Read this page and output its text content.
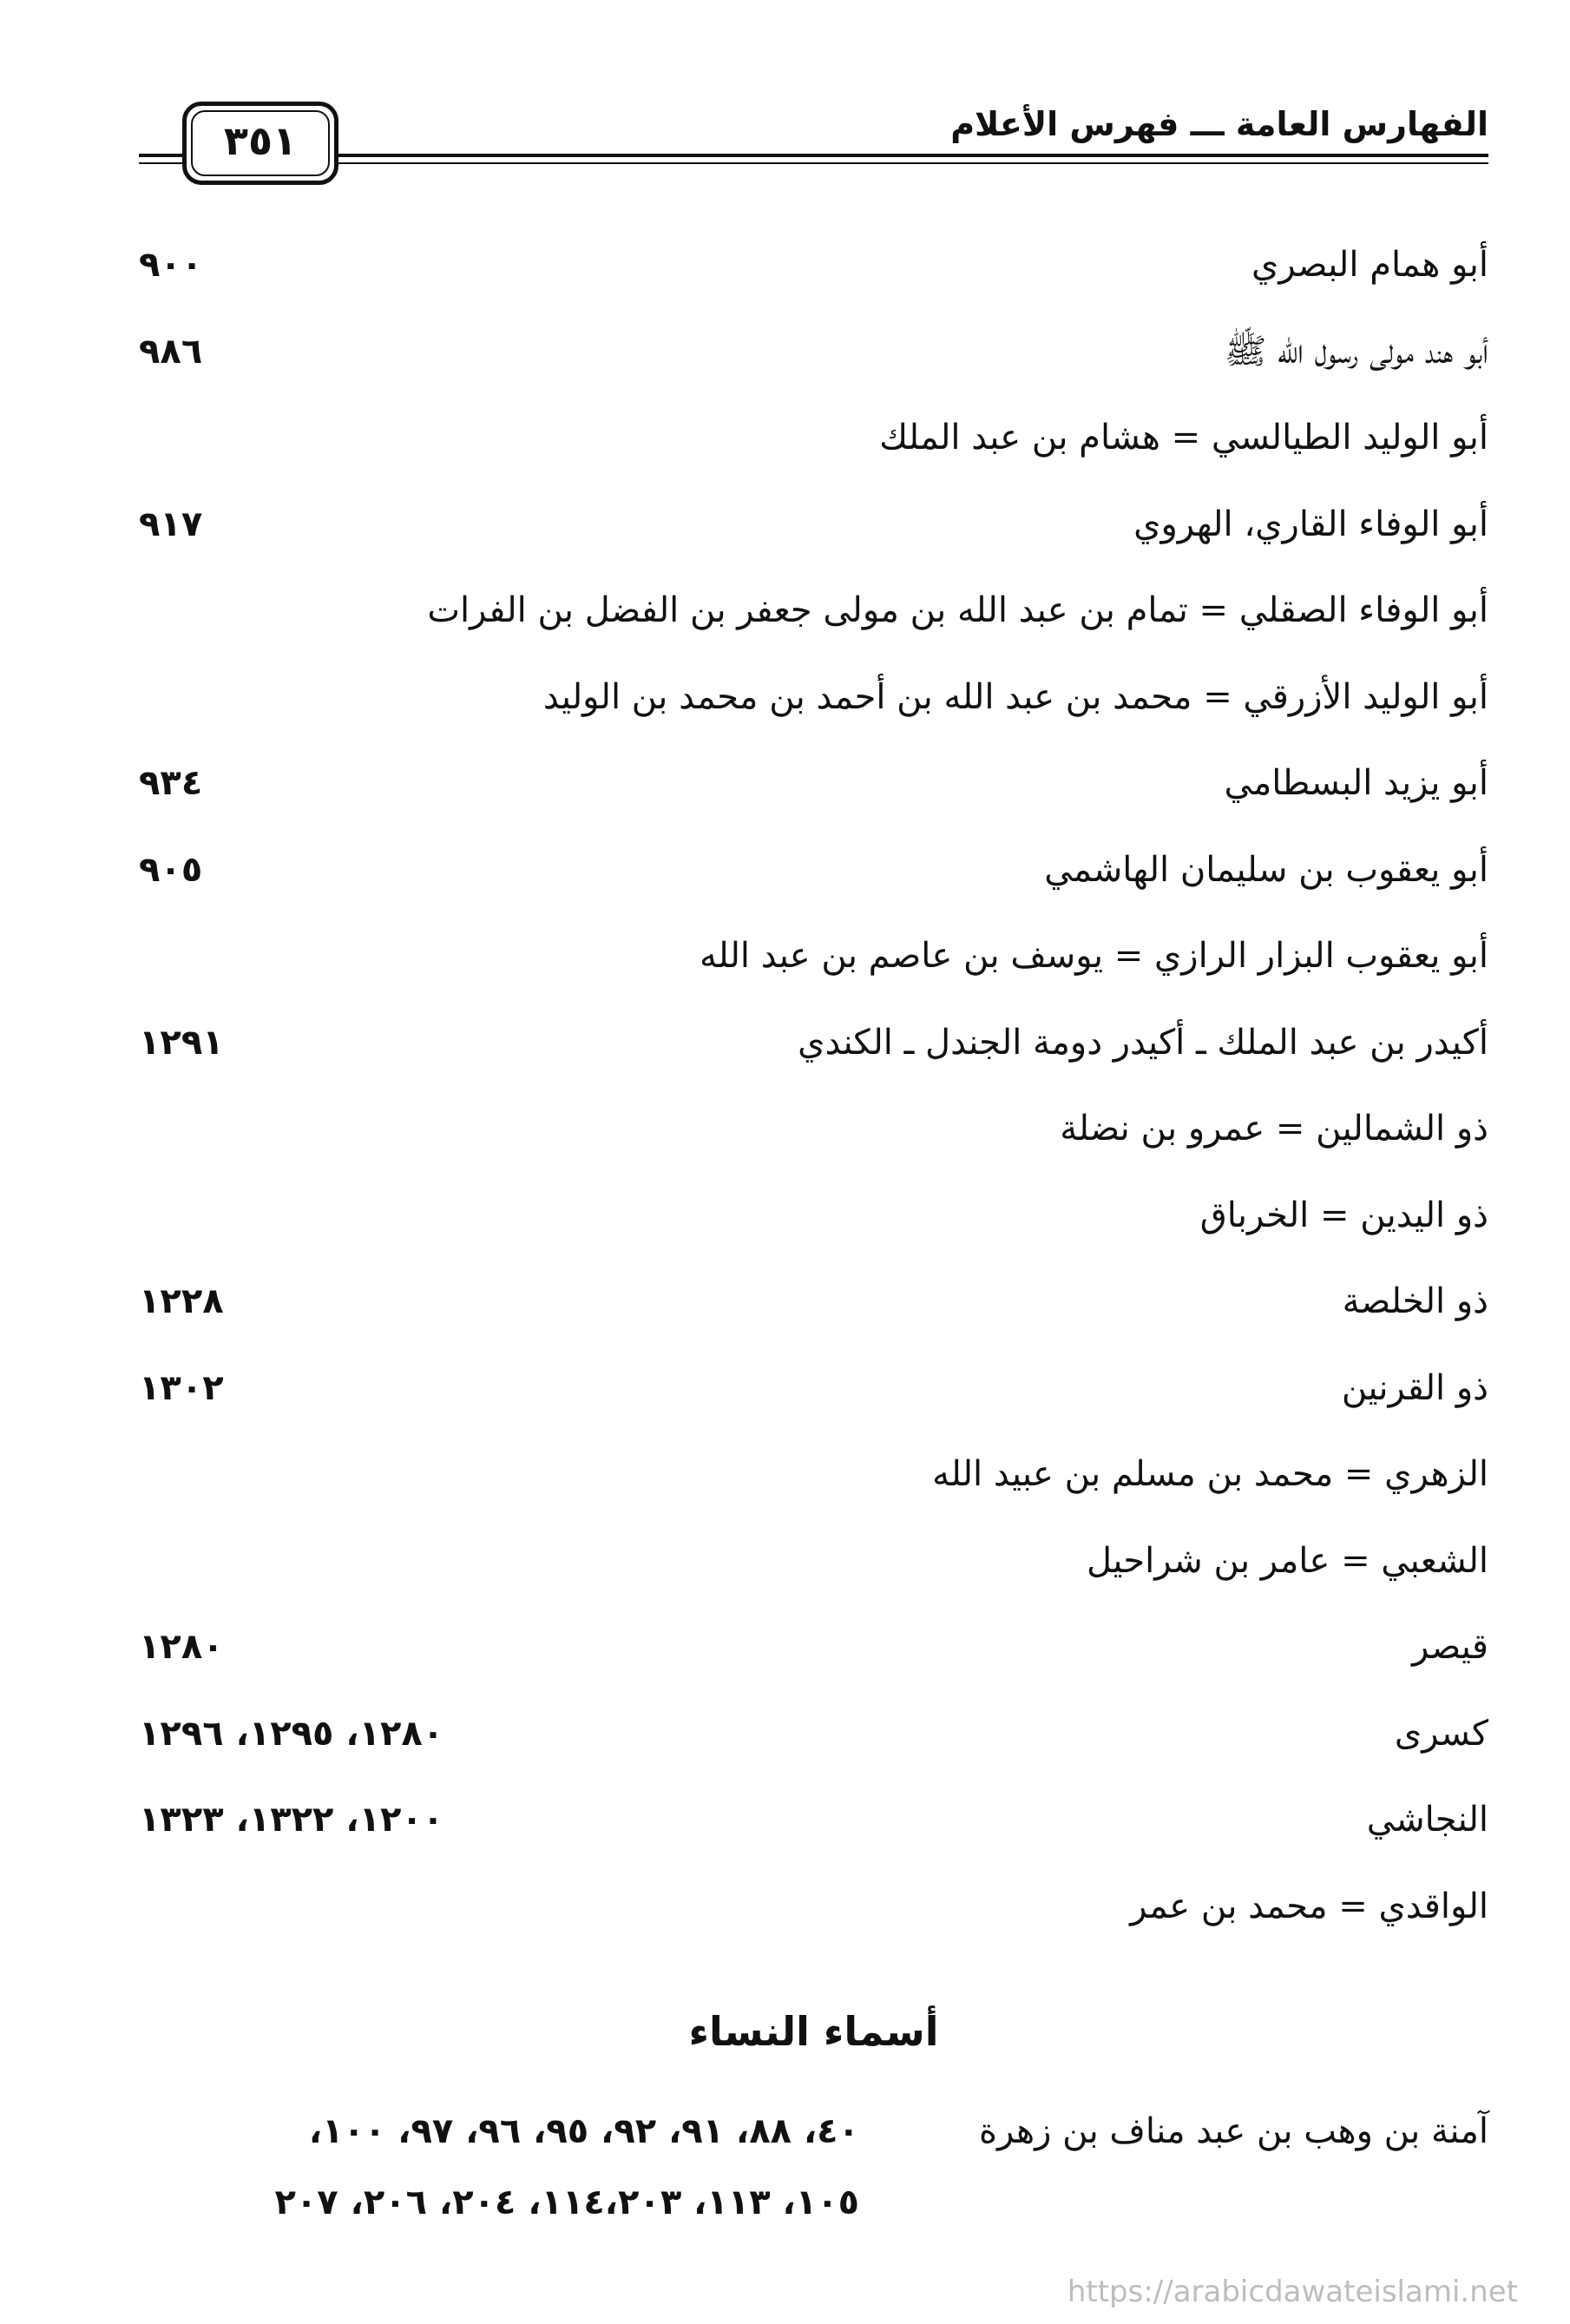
٣٥١	الفهارس العامة ـــ فهرس الأعلام
أبو همام البصري
٩٠٠
أبو هند مولى رسول الله ﷺ
٩٨٦
أبو الوليد الطيالسي = هشام بن عبد الملك
أبو الوفاء القاري، الهروي
٩١٧
أبو الوفاء الصقلي = تمام بن عبد الله بن مولى جعفر بن الفضل بن الفرات
أبو الوليد الأزرقي = محمد بن عبد الله بن أحمد بن محمد بن الوليد
أبو يزيد البسطامي
٩٣٤
أبو يعقوب بن سليمان الهاشمي
٩٠٥
أبو يعقوب البزار الرازي = يوسف بن عاصم بن عبد الله
أكيدر بن عبد الملك ـ أكيدر دومة الجندل ـ الكندي
١٢٩١
ذو الشمالين = عمرو بن نضلة
ذو اليدين = الخرباق
ذو الخلصة
١٢٢٨
ذو القرنين
١٣٠٢
الزهري = محمد بن مسلم بن عبيد الله
الشعبي = عامر بن شراحيل
قيصر
١٢٨٠
كسرى
١٢٨٠، ١٢٩٥، ١٢٩٦
النجاشي
١٢٠٠، ١٣٢٢، ١٣٢٣
الواقدي = محمد بن عمر
أسماء النساء
آمنة بن وهب بن عبد مناف بن زهرة
٤٠، ٨٨، ٩١، ٩٢، ٩٥، ٩٦، ٩٧، ١٠٠،
١٠٥، ١١٣، ١١٤،٢٠٣، ٢٠٤، ٢٠٦، ٢٠٧
https://arabicdawateislami.net
